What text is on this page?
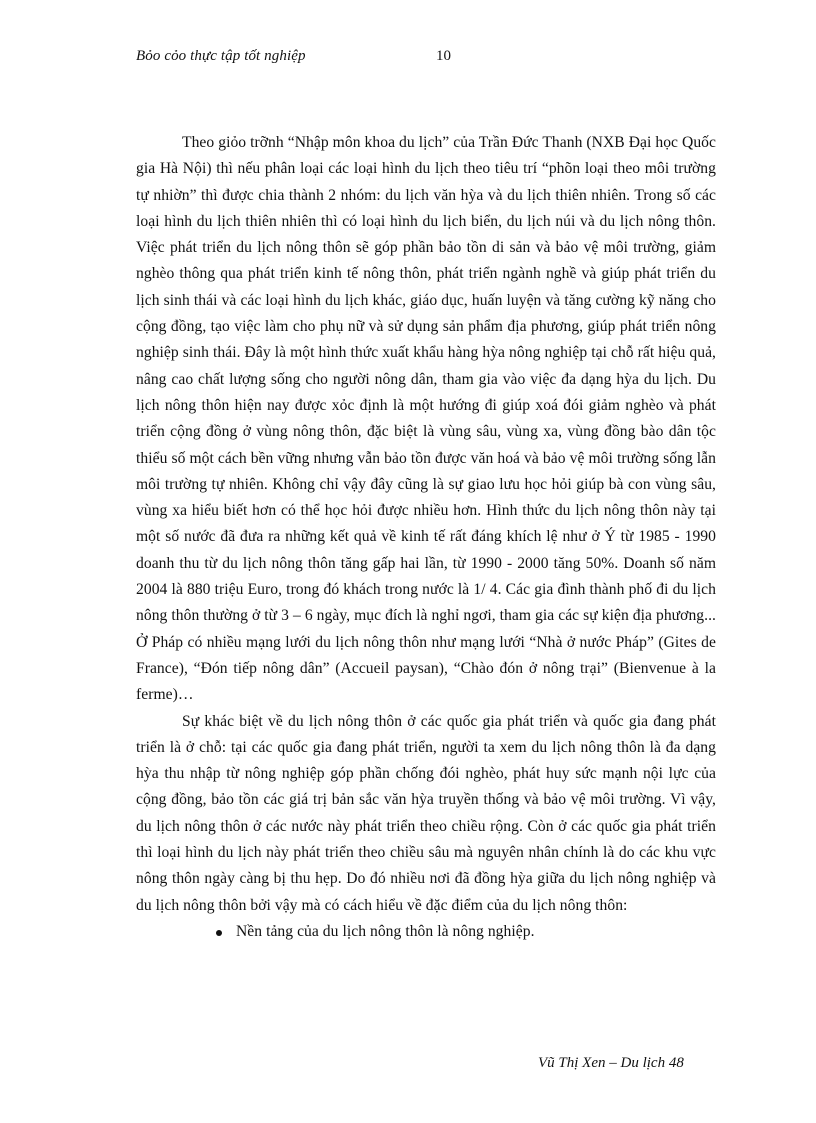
Bỏo cỏo thực tập tốt nghiệp	10

Theo giỏo trỡnh “Nhập môn khoa du lịch” của Trần Đức Thanh (NXB Đại học Quốc gia Hà Nội) thì nếu phân loại các loại hình du lịch theo tiêu trí “phõn loại theo môi trường tự nhiờn” thì được chia thành 2 nhóm: du lịch văn hỳa và du lịch thiên nhiên. Trong số các loại hình du lịch thiên nhiên thì có loại hình du lịch biển, du lịch núi và du lịch nông thôn. Việc phát triển du lịch nông thôn sẽ góp phần bảo tồn di sản và bảo vệ môi trường, giảm nghèo thông qua phát triển kinh tế nông thôn, phát triển ngành nghề và giúp phát triển du lịch sinh thái và các loại hình du lịch khác, giáo dục, huấn luyện và tăng cường kỹ năng cho cộng đồng, tạo việc làm cho phụ nữ và sử dụng sản phẩm địa phương, giúp phát triển nông nghiệp sinh thái. Đây là một hình thức xuất khẩu hàng hỳa nông nghiệp tại chỗ rất hiệu quả, nâng cao chất lượng sống cho người nông dân, tham gia vào việc đa dạng hỳa du lịch. Du lịch nông thôn hiện nay được xỏc định là một hướng đi giúp xoá đói giảm nghèo và phát triển cộng đồng ở vùng nông thôn, đặc biệt là vùng sâu, vùng xa, vùng đồng bào dân tộc thiểu số một cách bền vững nhưng vẫn bảo tồn được văn hoá và bảo vệ môi trường sống lẫn môi trường tự nhiên. Không chỉ vậy đây cũng là sự giao lưu học hỏi giúp bà con vùng sâu, vùng xa hiểu biết hơn có thể học hỏi được nhiều hơn. Hình thức du lịch nông thôn này tại một số nước đã đưa ra những kết quả về kinh tế rất đáng khích lệ như ở Ý từ 1985 - 1990 doanh thu từ du lịch nông thôn tăng gấp hai lần, từ 1990 - 2000 tăng 50%. Doanh số năm 2004 là 880 triệu Euro, trong đó khách trong nước là 1/ 4. Các gia đình thành phố đi du lịch nông thôn thường ở từ 3 – 6 ngày, mục đích là nghỉ ngơi, tham gia các sự kiện địa phương... Ở Pháp có nhiều mạng lưới du lịch nông thôn như mạng lưới “Nhà ở nước Pháp” (Gites de France), “Đón tiếp nông dân” (Accueil paysan), “Chào đón ở nông trại” (Bienvenue à la ferme)…

Sự khác biệt về du lịch nông thôn ở các quốc gia phát triển và quốc gia đang phát triển là ở chỗ: tại các quốc gia đang phát triển, người ta xem du lịch nông thôn là đa dạng hỳa thu nhập từ nông nghiệp góp phần chống đói nghèo, phát huy sức mạnh nội lực của cộng đồng, bảo tồn các giá trị bản sắc văn hỳa truyền thống và bảo vệ môi trường. Vì vậy, du lịch nông thôn ở các nước này phát triển theo chiều rộng. Còn ở các quốc gia phát triển thì loại hình du lịch này phát triển theo chiều sâu mà nguyên nhân chính là do các khu vực nông thôn ngày càng bị thu hẹp. Do đó nhiều nơi đã đồng hỳa giữa du lịch nông nghiệp và du lịch nông thôn bởi vậy mà có cách hiểu về đặc điểm của du lịch nông thôn:

Nền tảng của du lịch nông thôn là nông nghiệp.
Vũ Thị Xen – Du lịch 48
